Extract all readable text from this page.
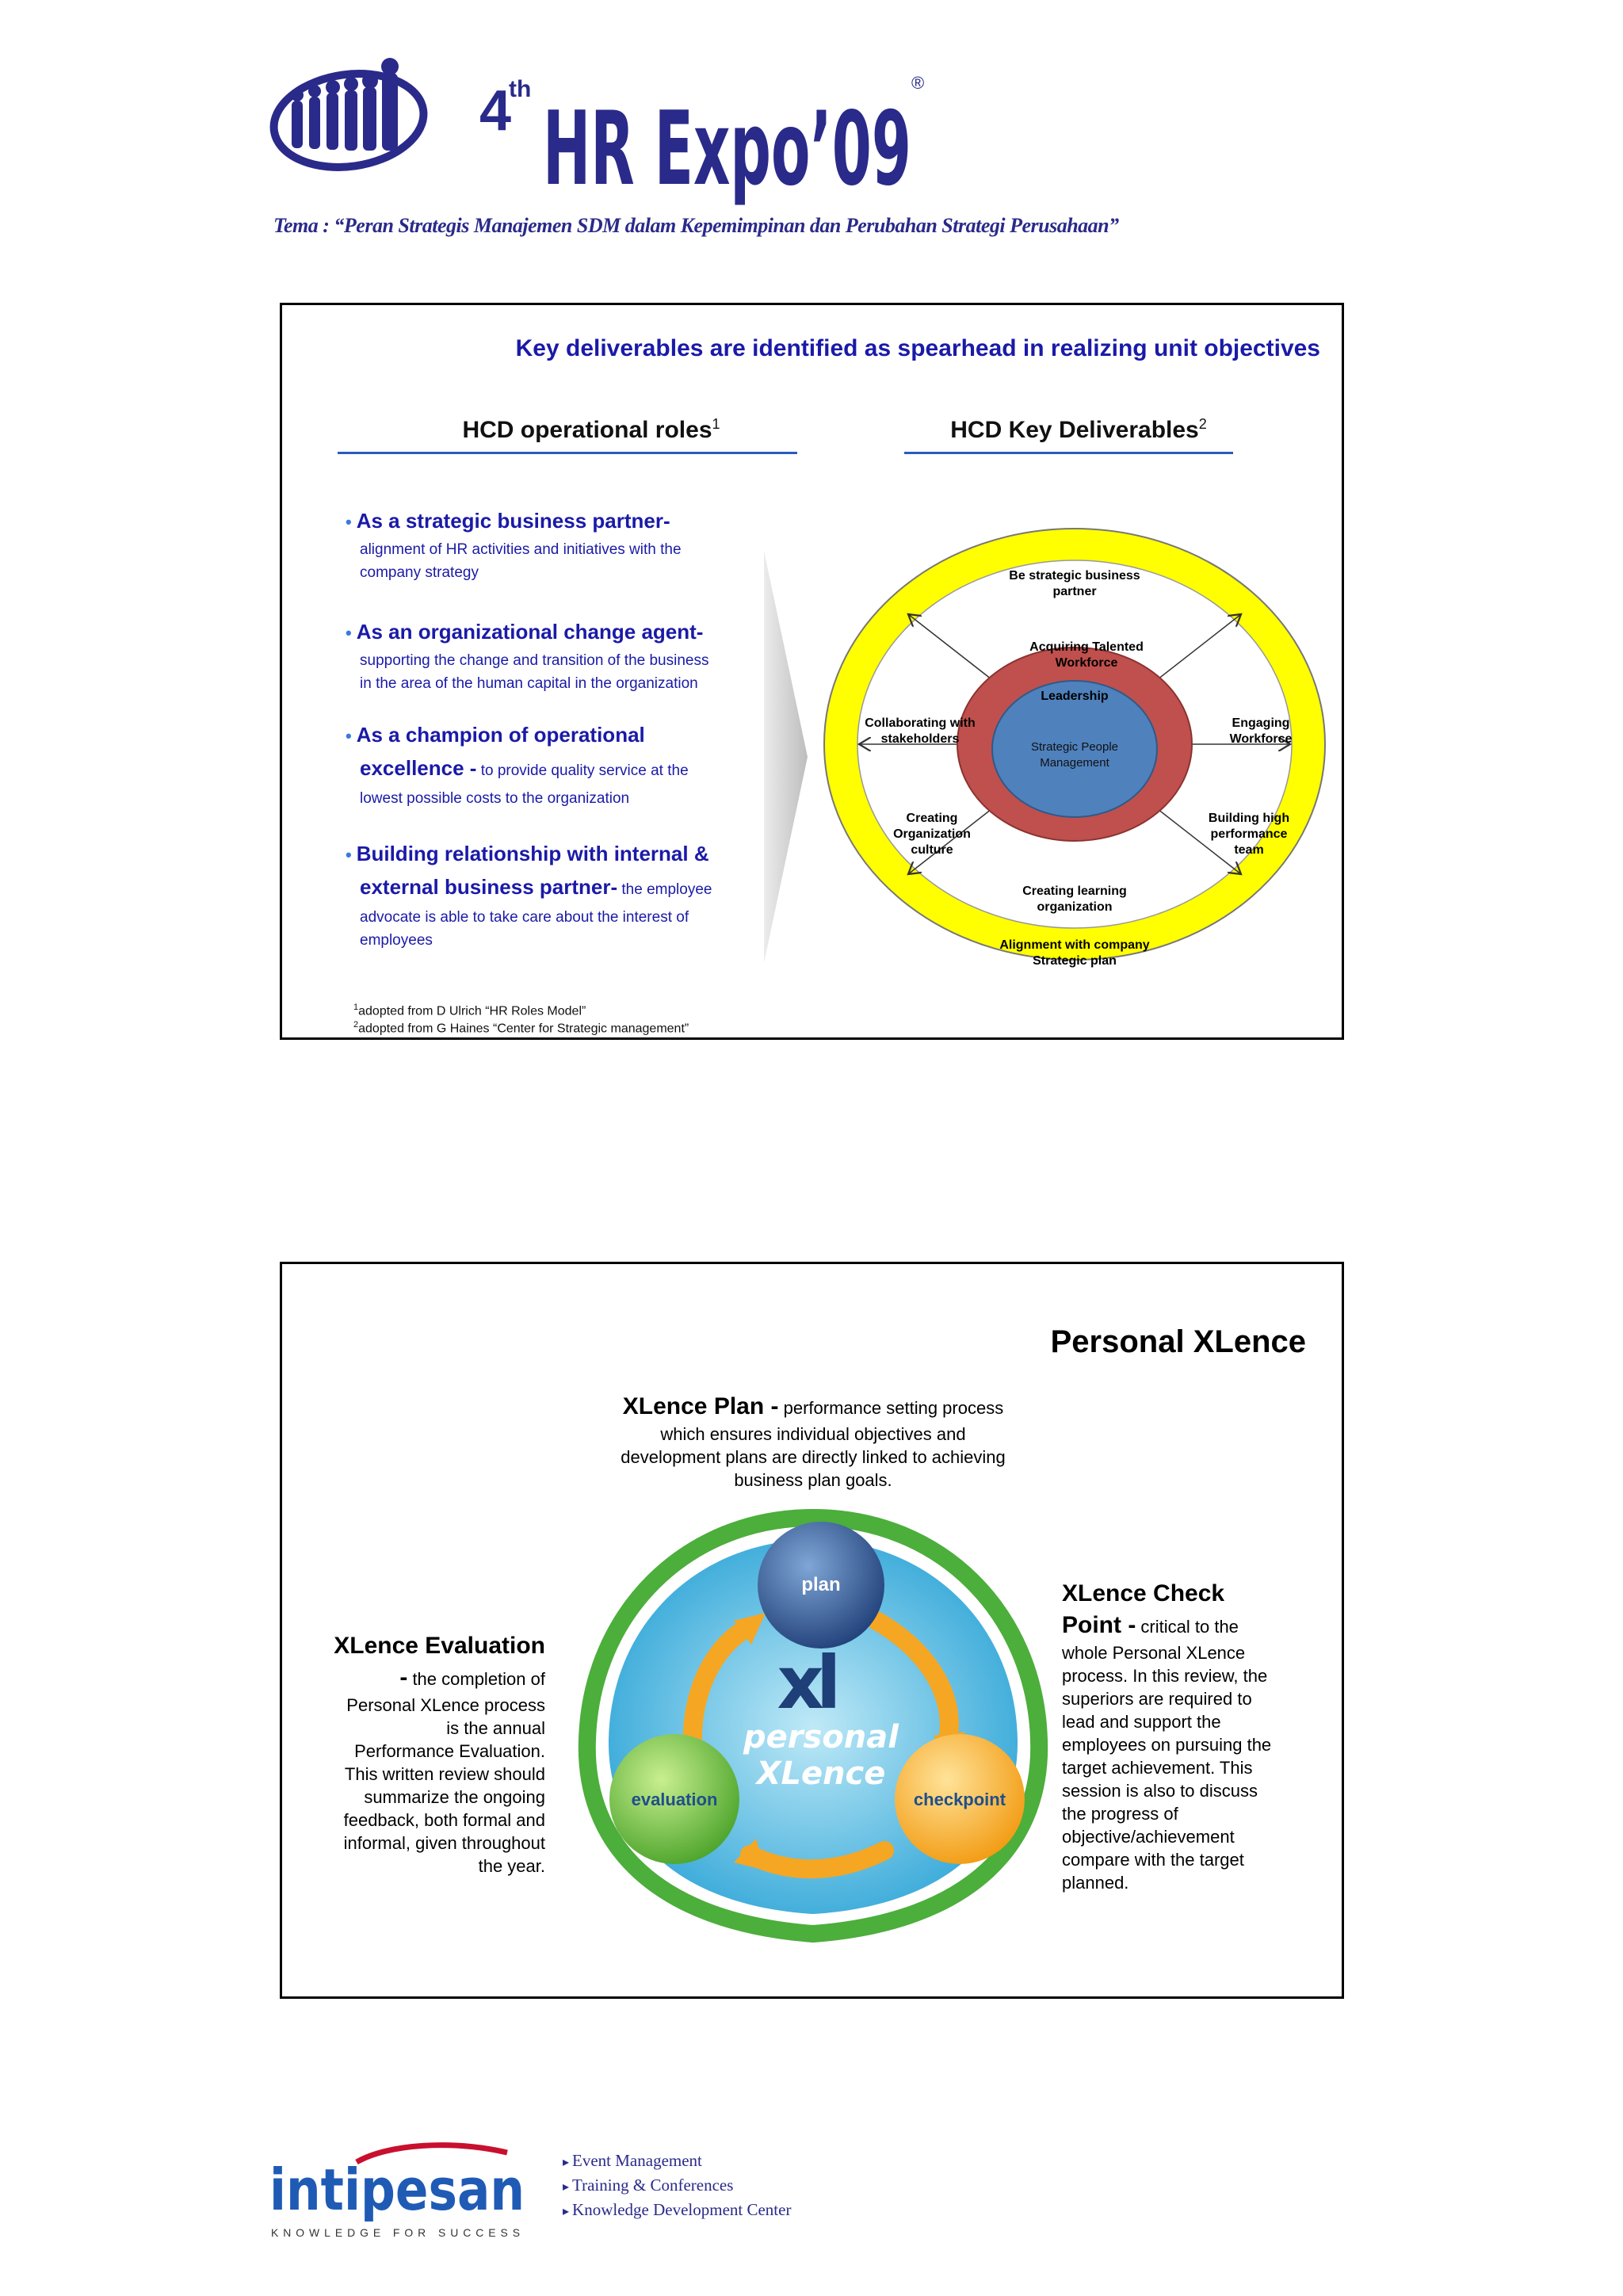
4
th
HR Expo’09
®
Tema : “Peran Strategis Manajemen SDM dalam Kepemimpinan dan Perubahan Strategi Perusahaan”
Key deliverables are identified as spearhead in realizing unit objectives
HCD operational roles$^1$	HCD Key Deliverables$^2$
• As a strategic business partner-
alignment of HR activities and initiatives with the
company strategy
• As an organizational change agent-
supporting the change and transition of the business
in the area of the human capital in the organization
• As a champion of operational
excellence - to provide quality service at the
lowest possible costs to the organization
• Building relationship with internal &
external business partner- the employee
advocate is able to take care about the interest of
employees
Be strategic business
partner
Acquiring Talented
Workforce
Leadership
Collaborating with
stakeholders
Engaging
Workforce
Strategic People
Management
Creating
Organization
culture
Building high
performance
team
Creating learning
organization
Alignment with company
Strategic plan
$^1$adopted from D Ulrich “HR Roles Model”
$^2$adopted from G Haines “Center for Strategic management”
Personal XLence
XLence Plan - performance setting process
which ensures individual objectives and
development plans are directly linked to achieving
business plan goals.
XLence Evaluation
- the completion of
Personal XLence process
is the annual
Performance Evaluation.
This written review should
summarize the ongoing
feedback, both formal and
informal, given throughout
the year.
XLence Check
Point - critical to the
whole Personal XLence
process. In this review, the
superiors are required to
lead and support the
employees on pursuing the
target achievement. This
session is also to discuss
the progress of
objective/achievement
compare with the target
planned.
plan
evaluation	checkpoint
xl
personal
XLence
intipesan
KNOWLEDGE FOR SUCCESS
▸ Event Management
▸ Training & Conferences
▸ Knowledge Development Center
